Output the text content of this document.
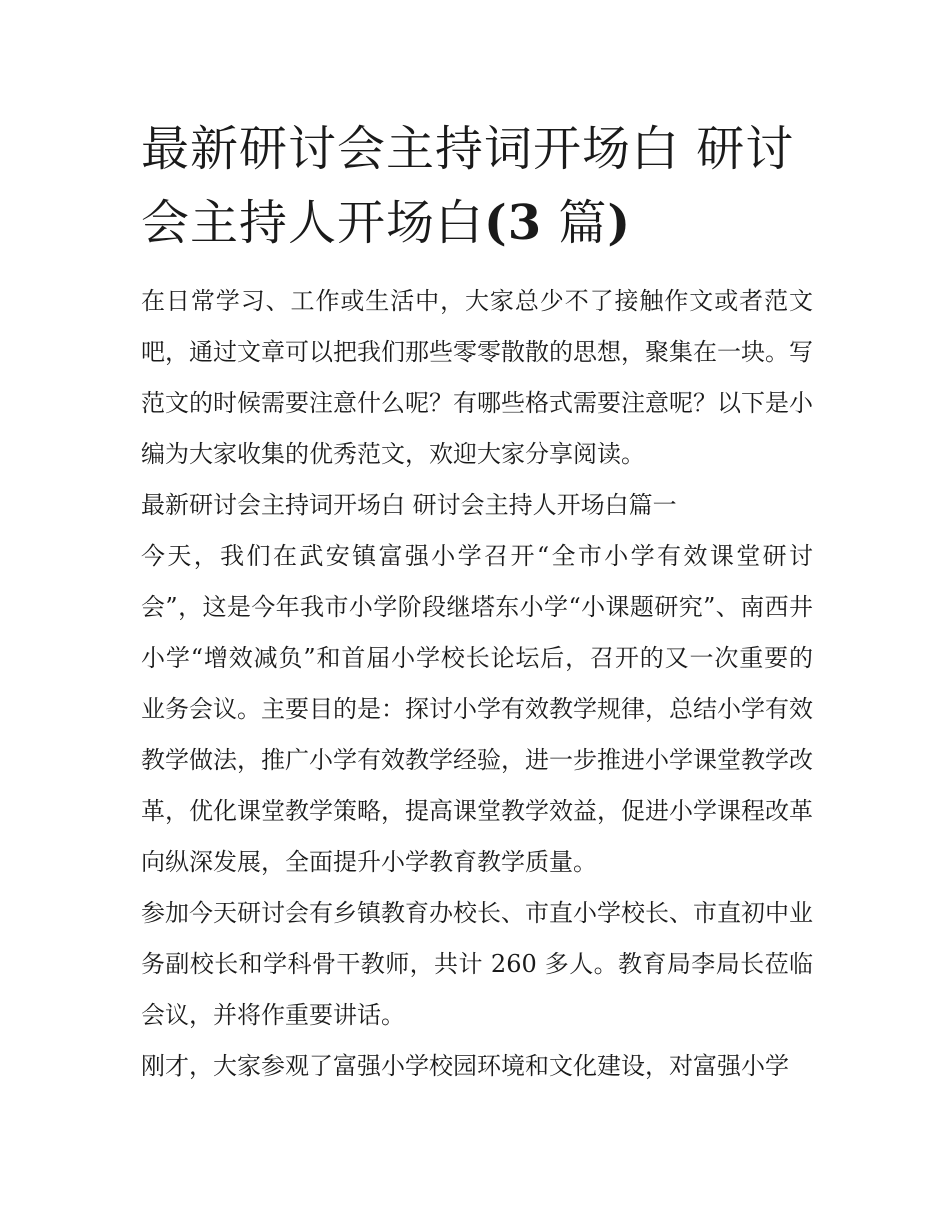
最新研讨会主持词开场白 研讨会主持人开场白(3 篇)

在日常学习、工作或生活中，大家总少不了接触作文或者范文吧，通过文章可以把我们那些零零散散的思想，聚集在一块。写范文的时候需要注意什么呢？有哪些格式需要注意呢？以下是小编为大家收集的优秀范文，欢迎大家分享阅读。

最新研讨会主持词开场白 研讨会主持人开场白篇一

今天，我们在武安镇富强小学召开“全市小学有效课堂研讨会”，这是今年我市小学阶段继塔东小学“小课题研究”、南西井小学“增效减负”和首届小学校长论坛后，召开的又一次重要的业务会议。主要目的是：探讨小学有效教学规律，总结小学有效教学做法，推广小学有效教学经验，进一步推进小学课堂教学改革，优化课堂教学策略，提高课堂教学效益，促进小学课程改革向纵深发展，全面提升小学教育教学质量。

参加今天研讨会有乡镇教育办校长、市直小学校长、市直初中业务副校长和学科骨干教师，共计 260 多人。教育局李局长莅临会议，并将作重要讲话。

刚才，大家参观了富强小学校园环境和文化建设，对富强小学
